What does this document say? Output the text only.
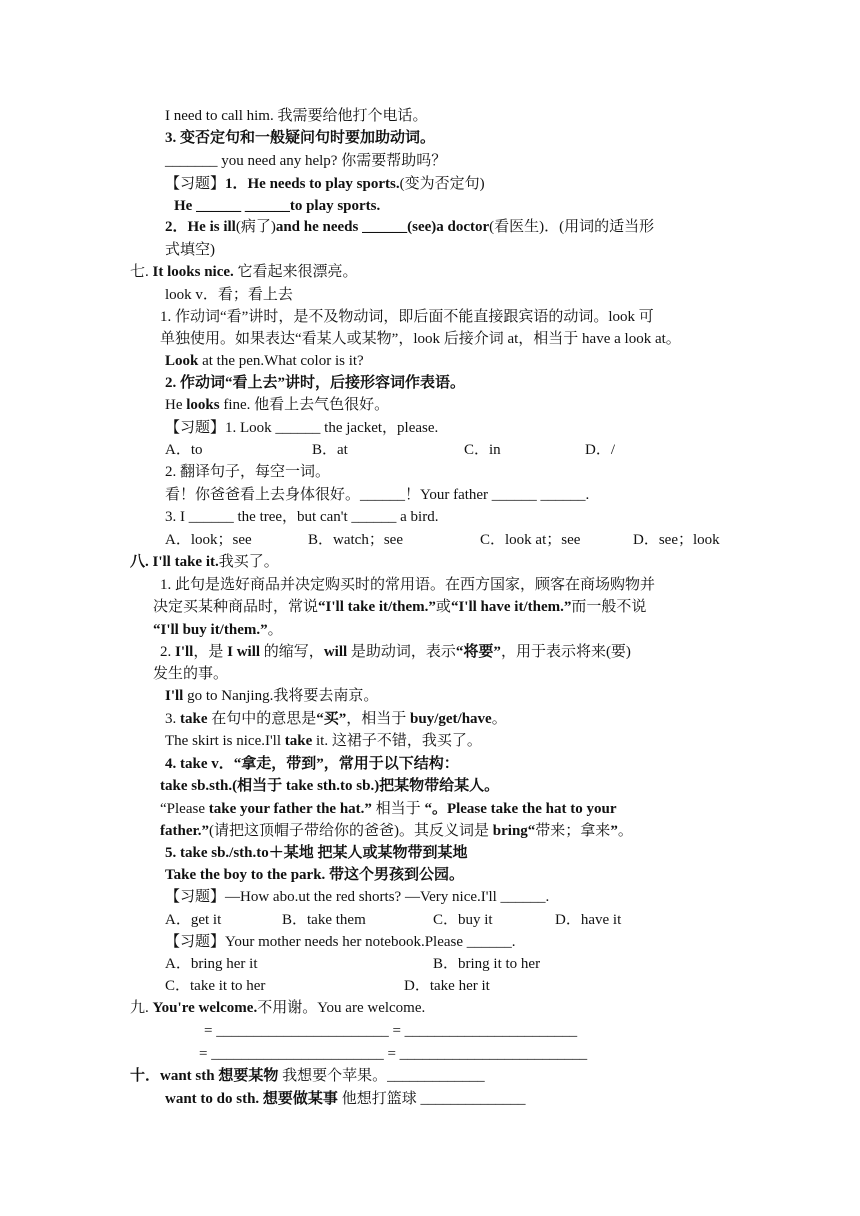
I need to call him. 我需要给他打个电话。
3. 变否定句和一般疑问句时要加助动词。
_______ you need any help? 你需要帮助吗？
【习题】1．He needs to play sports.(变为否定句)
He ______ ______to play sports.
2．He is ill(病了)and he needs ______(see)a doctor(看医生)．(用词的适当形
式填空)
七. It looks nice. 它看起来很漂亮。
look v．看；看上去
1. 作动词“看”讲时，是不及物动词，即后面不能直接跟宾语的动词。look 可
单独使用。如果表达“看某人或某物”，look 后接介词 at，相当于 have a look at。
Look at the pen.What color is it?
2. 作动词“看上去”讲时，后接形容词作表语。
He looks fine. 他看上去气色很好。
【习题】1. Look ______ the jacket，please.
A．to	B．at	C．in	D．/
2. 翻译句子，每空一词。
看！你爸爸看上去身体很好。______！Your father ______ ______.
3. I ______ the tree，but can't ______ a bird.
A．look；see	B．watch；see	C．look at；see	D．see；look
八. I'll take it.我买了。
1. 此句是选好商品并决定购买时的常用语。在西方国家，顾客在商场购物并
决定买某种商品时，常说“I'll take it/them.”或“I'll have it/them.”而一般不说
“I'll buy it/them.”。
2. I'll，是 I will 的缩写，will 是助动词，表示“将要”，用于表示将来(要)
发生的事。
I'll go to Nanjing.我将要去南京。
3. take 在句中的意思是“买”，相当于 buy/get/have。
The skirt is nice.I'll take it. 这裙子不错，我买了。
4. take v．“拿走，带到”，常用于以下结构：
take sb.sth.(相当于 take sth.to sb.)把某物带给某人。
“Please take your father the hat.” 相当于 “。Please take the hat to your
father.”(请把这顶帽子带给你的爸爸)。其反义词是 bring“带来；拿来”。
5. take sb./sth.to＋某地 把某人或某物带到某地
Take the boy to the park. 带这个男孩到公园。
【习题】—How abo.ut the red shorts? —Very nice.I'll ______.
A．get it	B．take them	C．buy it	D．have it
【习题】Your mother needs her notebook.Please ______.
A．bring her it	B．bring it to her
C．take it to her	D．take her it
九. You're welcome.不用谢。You are welcome.
= _______________________ = _______________________
= _______________________ = _________________________
十．want sth 想要某物 我想要个苹果。_____________
want to do sth. 想要做某事 他想打篮球 ______________
